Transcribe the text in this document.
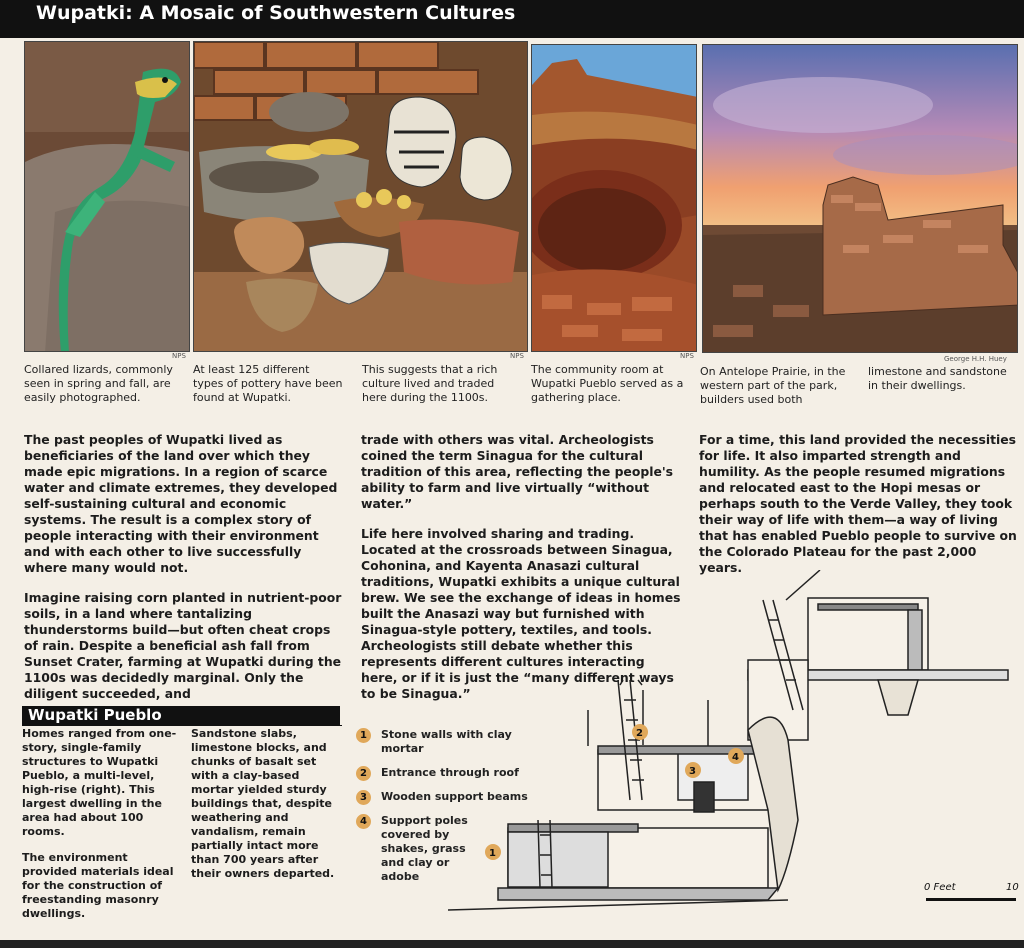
Wupatki: A Mosaic of Southwestern Cultures
NPS	NPS	NPS	George H.H. Huey
Collared lizards, commonly seen in spring and fall, are easily photographed.
At least 125 different types of pottery have been found at Wupatki.
This suggests that a rich culture lived and traded here during the 1100s.
The community room at Wupatki Pueblo served as a gathering place.
On Antelope Prairie, in the western part of the park, builders used both
limestone and sandstone in their dwellings.

The past peoples of Wupatki lived as beneficiaries of the land over which they made epic migrations. In a region of scarce water and climate extremes, they developed self-sustaining cultural and economic systems. The result is a complex story of people interacting with their environment and with each other to live successfully where many would not.

Imagine raising corn planted in nutrient-poor soils, in a land where tantalizing thunderstorms build—but often cheat crops of rain. Despite a beneficial ash fall from Sunset Crater, farming at Wupatki during the 1100s was decidedly marginal. Only the diligent succeeded, and

trade with others was vital. Archeologists coined the term Sinagua for the cultural tradition of this area, reflecting the people's ability to farm and live virtually “without water.”

Life here involved sharing and trading. Located at the crossroads between Sinagua, Cohonina, and Kayenta Anasazi cultural traditions, Wupatki exhibits a unique cultural brew. We see the exchange of ideas in homes built the Anasazi way but furnished with Sinagua-style pottery, textiles, and tools. Archeologists still debate whether this represents different cultures interacting here, or if it is just the “many different ways to be Sinagua.”

For a time, this land provided the necessities for life. It also imparted strength and humility. As the people resumed migrations and relocated east to the Hopi mesas or perhaps south to the Verde Valley, they took their way of life with them—a way of living that has enabled Pueblo people to survive on the Colorado Plateau for the past 2,000 years.

Wupatki Pueblo

Homes ranged from one-story, single-family structures to Wupatki Pueblo, a multi-level, high-rise (right). This largest dwelling in the area had about 100 rooms.

The environment provided materials ideal for the construction of freestanding masonry dwellings.

Sandstone slabs, limestone blocks, and chunks of basalt set with a clay-based mortar yielded sturdy buildings that, despite weathering and vandalism, remain partially intact more than 700 years after their owners departed.

1	Stone walls with clay mortar
2	Entrance through roof
3	Wooden support beams
4	Support poles covered by shakes, grass and clay or adobe
2
4
3
1
0 Feet	10
